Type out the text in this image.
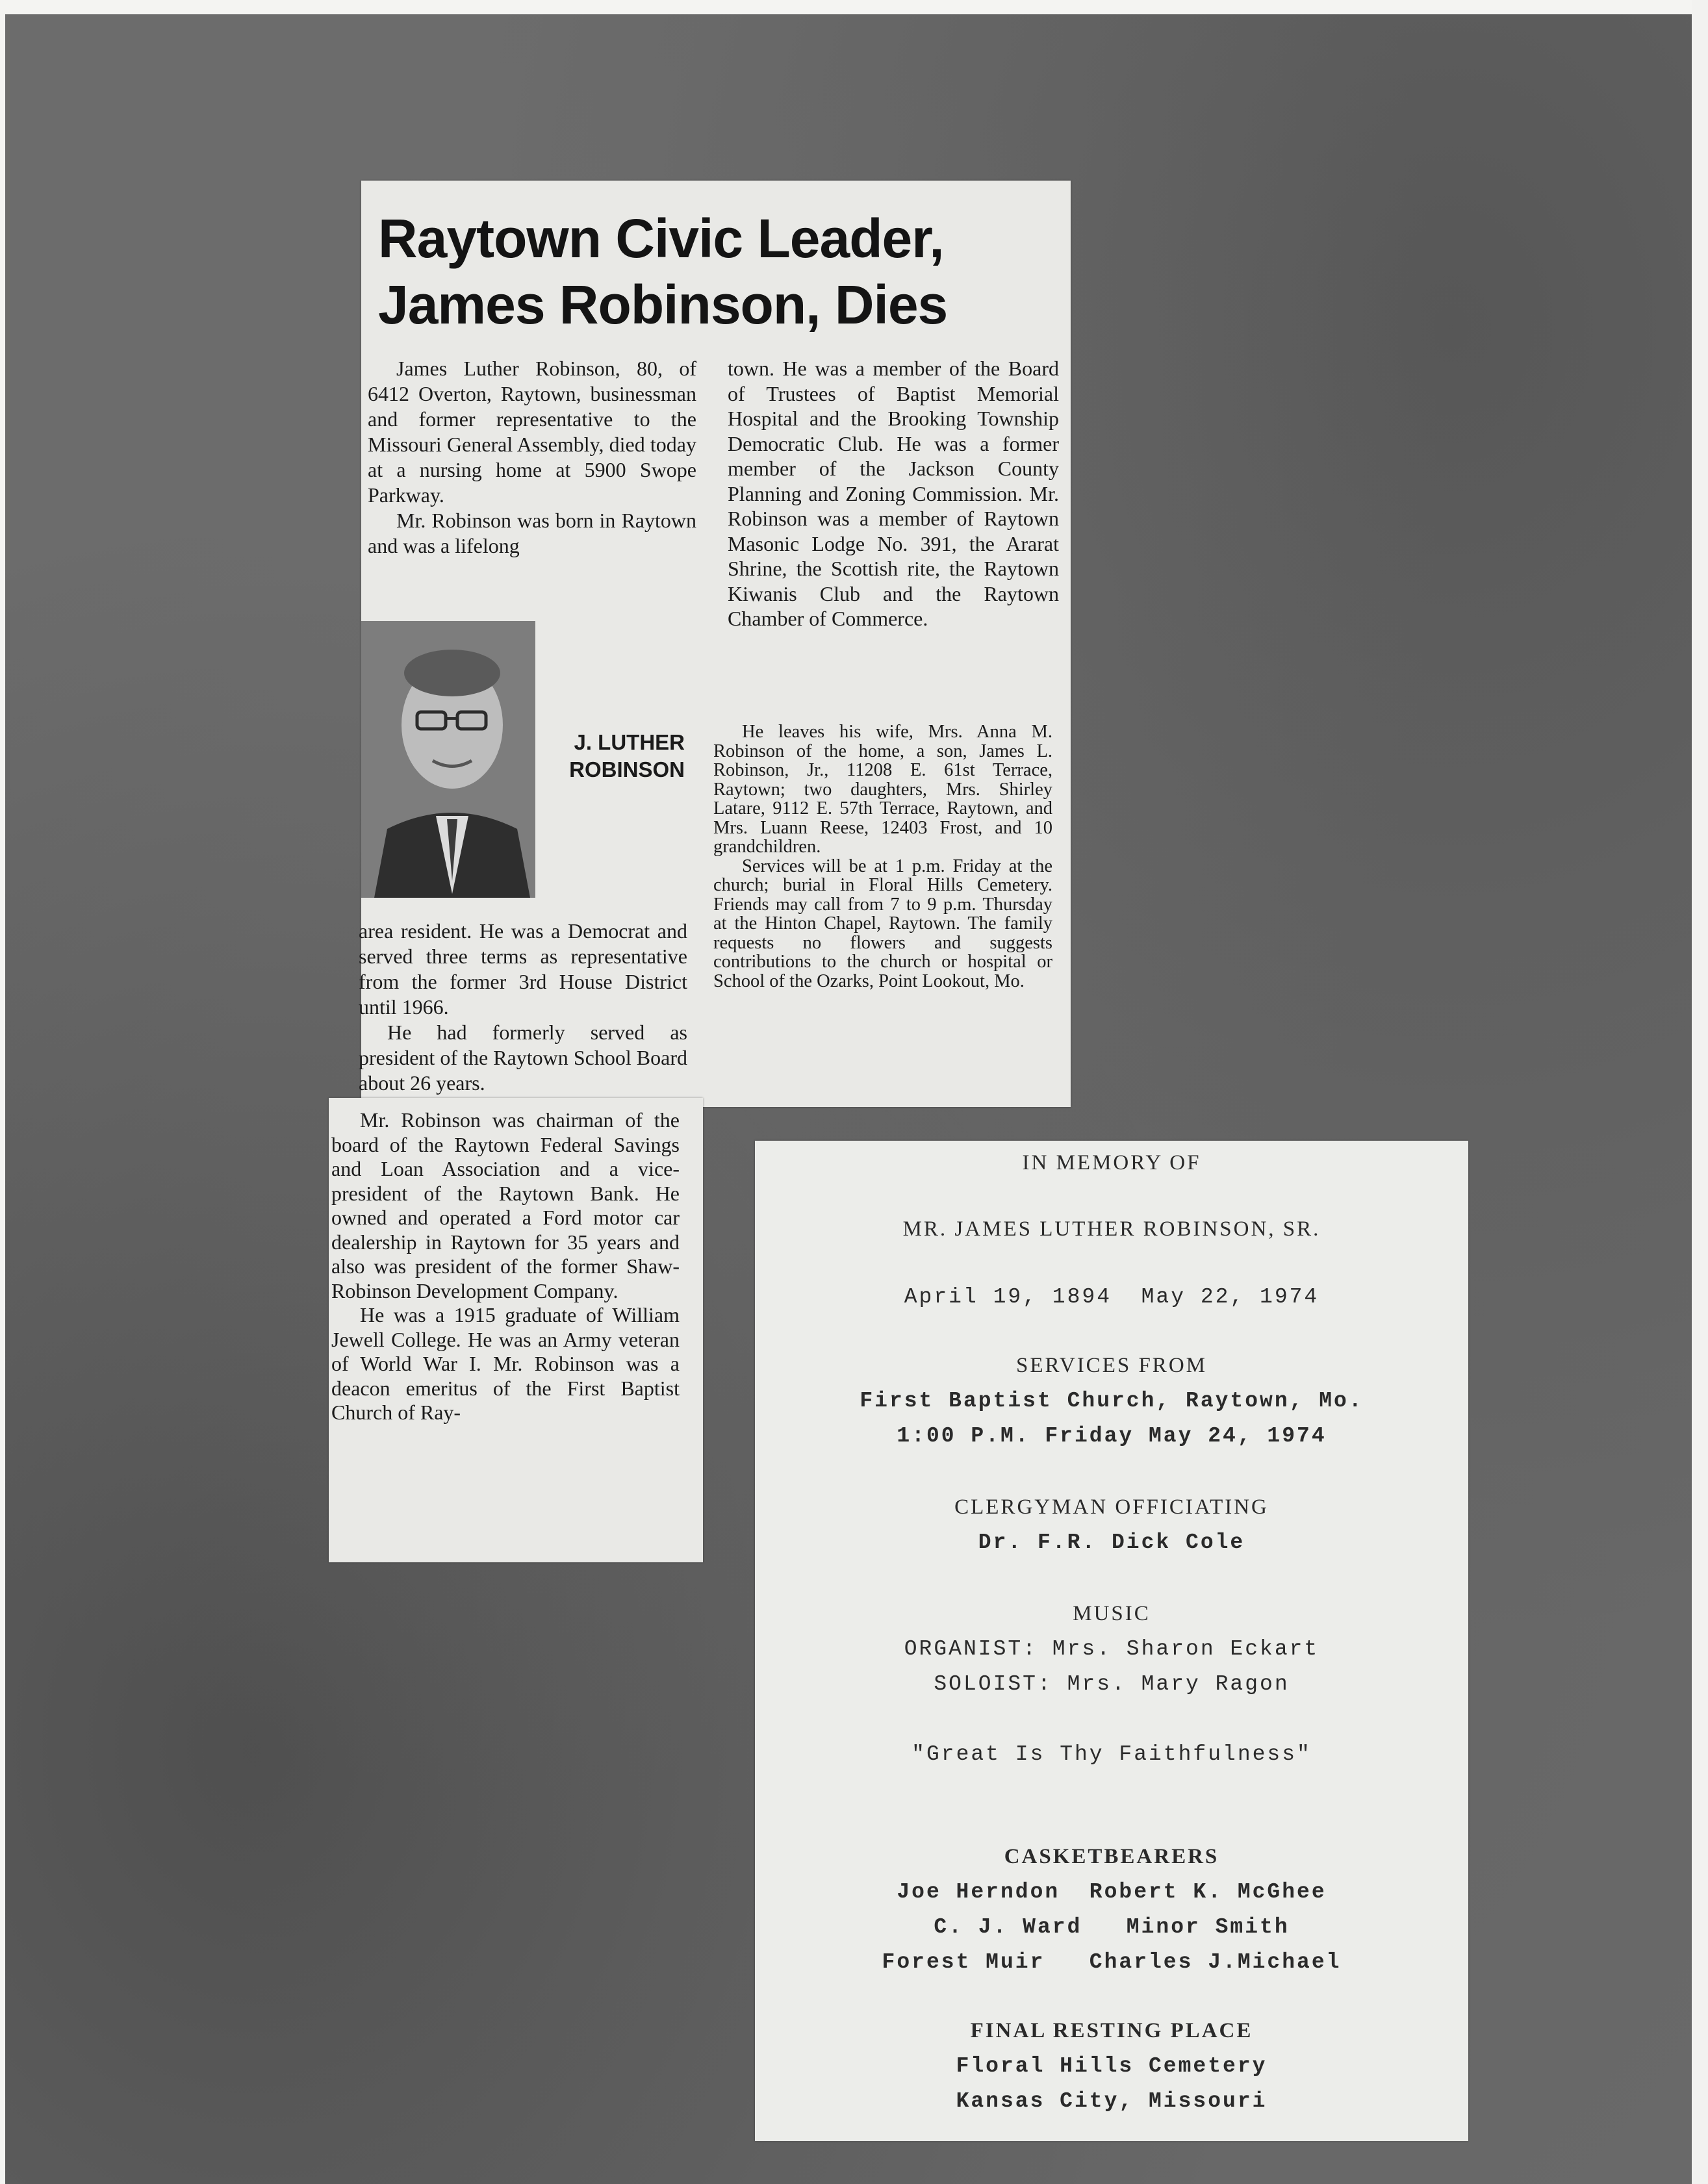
Raytown Civic Leader,
James Robinson, Dies

James Luther Robinson, 80, of 6412 Overton, Raytown, businessman and former representative to the Missouri General Assembly, died today at a nursing home at 5900 Swope Parkway.

Mr. Robinson was born in Raytown and was a lifelong

J. LUTHER
ROBINSON

area resident. He was a Democrat and served three terms as representative from the former 3rd House District until 1966.

He had formerly served as president of the Raytown School Board about 26 years.

Mr. Robinson was chairman of the board of the Raytown Federal Savings and Loan Association and a vice-president of the Raytown Bank. He owned and operated a Ford motor car dealership in Raytown for 35 years and also was president of the former Shaw-Robinson Development Company.

He was a 1915 graduate of William Jewell College. He was an Army veteran of World War I. Mr. Robinson was a deacon emeritus of the First Baptist Church of Ray-

town. He was a member of the Board of Trustees of Baptist Memorial Hospital and the Brooking Township Democratic Club. He was a former member of the Jackson County Planning and Zoning Commission. Mr. Robinson was a member of Raytown Masonic Lodge No. 391, the Ararat Shrine, the Scottish rite, the Raytown Kiwanis Club and the Raytown Chamber of Commerce.

He leaves his wife, Mrs. Anna M. Robinson of the home, a son, James L. Robinson, Jr., 11208 E. 61st Terrace, Raytown; two daughters, Mrs. Shirley Latare, 9112 E. 57th Terrace, Raytown, and Mrs. Luann Reese, 12403 Frost, and 10 grandchildren.

Services will be at 1 p.m. Friday at the church; burial in Floral Hills Cemetery. Friends may call from 7 to 9 p.m. Thursday at the Hinton Chapel, Raytown. The family requests no flowers and suggests contributions to the church or hospital or School of the Ozarks, Point Lookout, Mo.

IN MEMORY OF

MR. JAMES LUTHER ROBINSON, SR.

April 19, 1894  May 22, 1974

SERVICES FROM

First Baptist Church, Raytown, Mo.

1:00 P.M. Friday May 24, 1974

CLERGYMAN OFFICIATING

Dr. F.R. Dick Cole

MUSIC

ORGANIST: Mrs. Sharon Eckart

SOLOIST: Mrs. Mary Ragon

"Great Is Thy Faithfulness"

CASKETBEARERS

Joe Herndon  Robert K. McGhee

C. J. Ward   Minor Smith

Forest Muir   Charles J.Michael

FINAL RESTING PLACE

Floral Hills Cemetery

Kansas City, Missouri
